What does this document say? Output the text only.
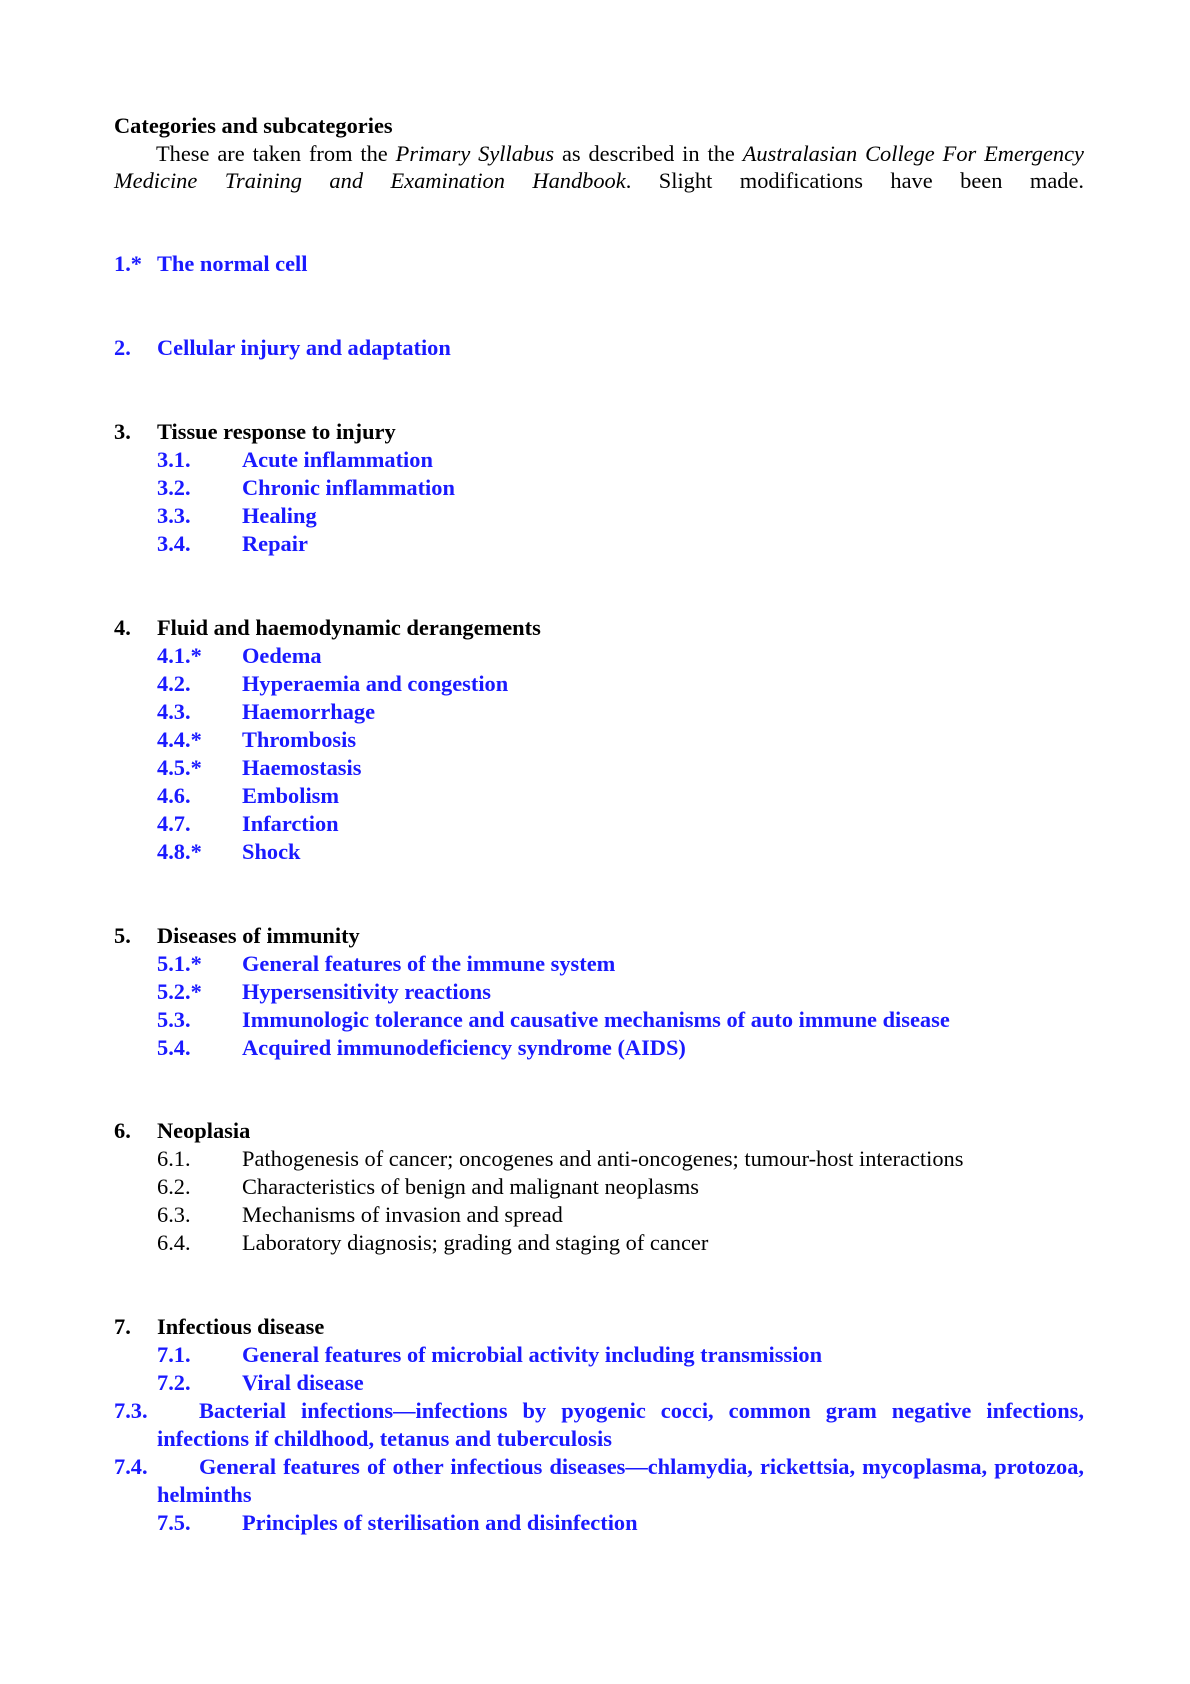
Categories and subcategories
These are taken from the Primary Syllabus as described in the Australasian College For Emergency Medicine Training and Examination Handbook. Slight modifications have been made.
1.* The normal cell
2.	Cellular injury and adaptation
3.	Tissue response to injury
3.1.	Acute inflammation
3.2.	Chronic inflammation
3.3.	Healing
3.4.	Repair
4.	Fluid and haemodynamic derangements
4.1.*	Oedema
4.2.	Hyperaemia and congestion
4.3.	Haemorrhage
4.4.*	Thrombosis
4.5.*	Haemostasis
4.6.	Embolism
4.7.	Infarction
4.8.*	Shock
5.	Diseases of immunity
5.1.*	General features of the immune system
5.2.*	Hypersensitivity reactions
5.3.	Immunologic tolerance and causative mechanisms of auto immune disease
5.4.	Acquired immunodeficiency syndrome (AIDS)
6.	Neoplasia
6.1.	Pathogenesis of cancer; oncogenes and anti-oncogenes; tumour-host interactions
6.2.	Characteristics of benign and malignant neoplasms
6.3.	Mechanisms of invasion and spread
6.4.	Laboratory diagnosis; grading and staging of cancer
7.	Infectious disease
7.1.	General features of microbial activity including transmission
7.2.	Viral disease
7.3. Bacterial infections—infections by pyogenic cocci, common gram negative infections, infections if childhood, tetanus and tuberculosis
7.4. General features of other infectious diseases—chlamydia, rickettsia, mycoplasma, protozoa, helminths
7.5.	Principles of sterilisation and disinfection
